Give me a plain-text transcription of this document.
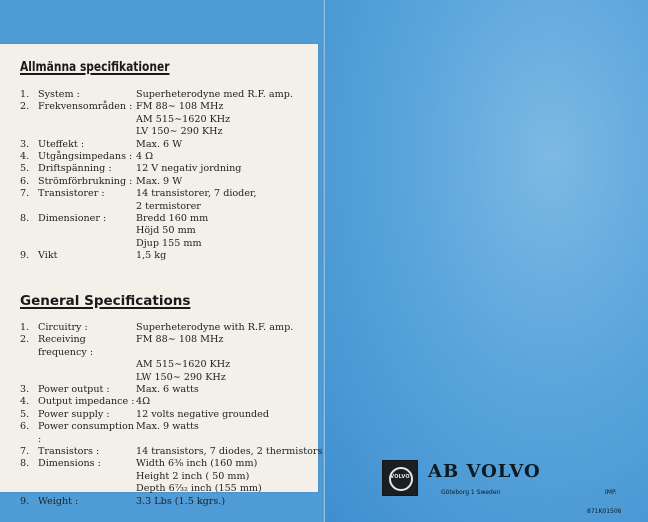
Allmänna specifikationer
1. System :	Superheterodyne med R.F. amp.
2. Frekvensområden : FM 88∼ 108 MHz
AM 515∼1620 KHz
LV 150∼ 290 KHz
3. Uteffekt :	Max. 6 W
4. Utgångsimpedans : 4 Ω
5. Driftspänning :	12 V negativ jordning
6. Strömförbrukning : Max. 9 W
7. Transistorer :	14 transistorer, 7 dioder,
2 termistorer
8. Dimensioner :	Bredd 160 mm
Höjd 50 mm
Djup 155 mm
9. Vikt	1,5 kg
General Specifications
1. Circuitry :	Superheterodyne with R.F. amp.
2. Receiving frequency :
FM 88∼ 108 MHz
AM 515∼1620 KHz
LW 150∼ 290 KHz
3. Power output :	Max. 6 watts
4. Output impedance : 4Ω
5. Power supply :	12 volts negative grounded
6. Power consumption :
Max. 9 watts
7. Transistors :	14 transistors, 7 diodes, 2 thermistors
8. Dimensions :	Width 6⅜ inch (160 mm)
Height 2 inch ( 50 mm)
Depth 6⁷⁄₃₂ inch (155 mm)
9. Weight :	3.3 Lbs (1.5 kgrs.)
VOLVO AB VOLVO
Göteborg 1 Sweden	IMP.
871K01506
